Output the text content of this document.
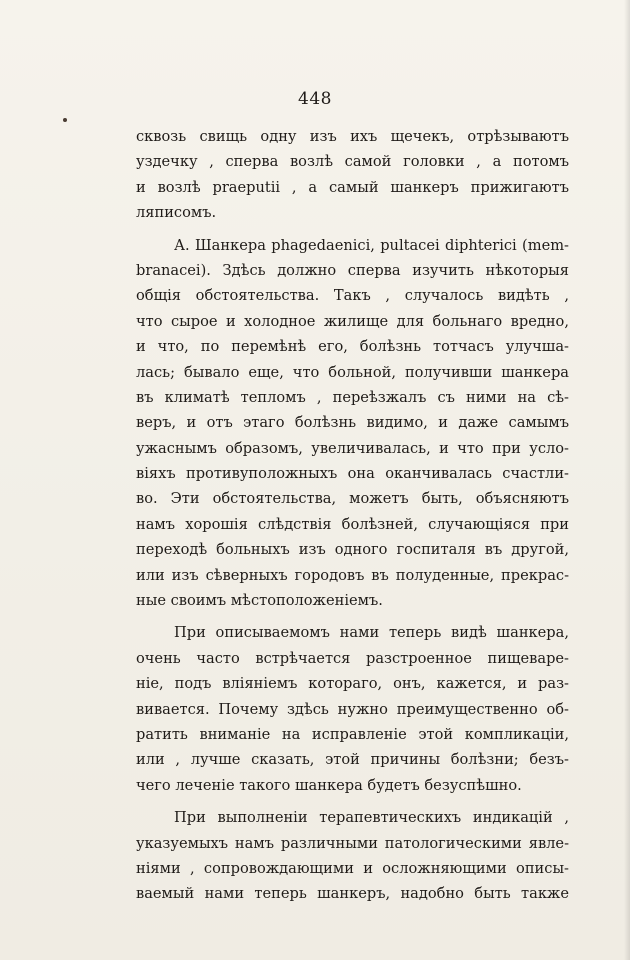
448
сквозь свищь одну изъ ихъ щечекъ, отрѣзываютъ
уздечку , сперва возлѣ самой головки , а потомъ
и возлѣ рraeрutii , а самый шанкеръ прижигаютъ
ляписомъ.
А. Шанкера phagedaenici, pultacei diphterici (mem-
branacei). Здѣсь должно сперва изучить нѣкоторыя
общія обстоятельства. Такъ , случалось видѣть ,
что сырое и холодное жилище для больнаго вредно,
и что, по перемѣнѣ его, болѣзнь тотчасъ улучша-
лась; бывало еще, что больной, получивши шанкера
въ климатѣ тепломъ , переѣзжалъ съ ними на сѣ-
веръ, и отъ этаго болѣзнь видимо, и даже самымъ
ужаснымъ образомъ, увеличивалась, и что при усло-
віяхъ противуположныхъ она оканчивалась счастли-
во. Эти обстоятельства, можетъ быть, объясняютъ
намъ хорошія слѣдствія болѣзней, случающіяся при
переходѣ больныхъ изъ одного госпиталя въ другой,
или изъ сѣверныхъ городовъ въ полуденные, прекрас-
ные своимъ мѣстоположеніемъ.
При описываемомъ нами теперь видѣ шанкера,
очень часто встрѣчается разстроенное пищеваре-
ніе, подъ вліяніемъ котораго, онъ, кажется, и раз-
вивается. Почему здѣсь нужно преимущественно об-
ратить вниманіе на исправленіе этой компликаціи,
или , лучше сказать, этой причины болѣзни; безъ-
чего леченіе такого шанкера будетъ безуспѣшно.
При выполненіи терапевтическихъ индикацій ,
указуемыхъ намъ различными патологическими явле-
ніями , сопровождающими и осложняющими описы-
ваемый нами теперь шанкеръ, надобно быть также
